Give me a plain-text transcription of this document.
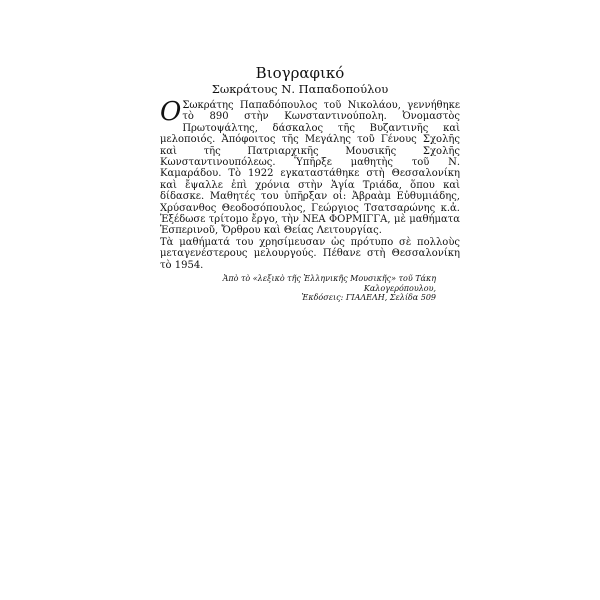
Βιογραφικό
Σωκράτους Ν. Παπαδοπούλου

Ο Σωκράτης Παπαδόπουλος τοῦ Νικολάου, γεννήθηκε τὸ 890 στὴν Κωνσταντινούπολη. Ὀνομαστὸς Πρωτοψάλτης, δάσκαλος τῆς Βυζαντινῆς καὶ μελοποιός. Ἀπόφοιτος τῆς Μεγάλης τοῦ Γένους Σχολῆς καὶ τῆς Πατριαρχικῆς Μουσικῆς Σχολῆς Κωνσταντινουπόλεως. Ὑπῆρξε μαθητὴς τοῦ Ν. Καμαράδου. Τὸ 1922 εγκαταστάθηκε στὴ Θεσσαλονίκη καὶ ἔψαλλε ἐπὶ χρόνια στὴν Ἁγία Τριάδα, ὅπου καὶ δίδασκε. Μαθητές του ὑπῆρξαν οἱ: Ἀβραὰμ Εὐθυμιάδης, Χρύσανθος Θεοδοσόπουλος, Γεώργιος Τσατσαρώνης κ.ἀ. Ἐξέδωσε τρίτομο ἔργο, τὴν ΝΕΑ ΦΟΡΜΙΓΓΑ, μὲ μαθήματα Ἑσπερινοῦ, Ὄρθρου καὶ Θείας Λειτουργίας.

Τὰ μαθήματά του χρησίμευσαν ὡς πρότυπο σὲ πολλοὺς μεταγενέστερους μελουργούς. Πέθανε στὴ Θεσσαλονίκη τὸ 1954.

Ἀπὸ τὸ «λεξικὸ τῆς Ἑλληνικῆς Μουσικῆς» τοῦ Τάκη Καλογερόπουλου,
Ἐκδόσεις: ΓΙΑΛΕΛΗ, Σελίδα 509
